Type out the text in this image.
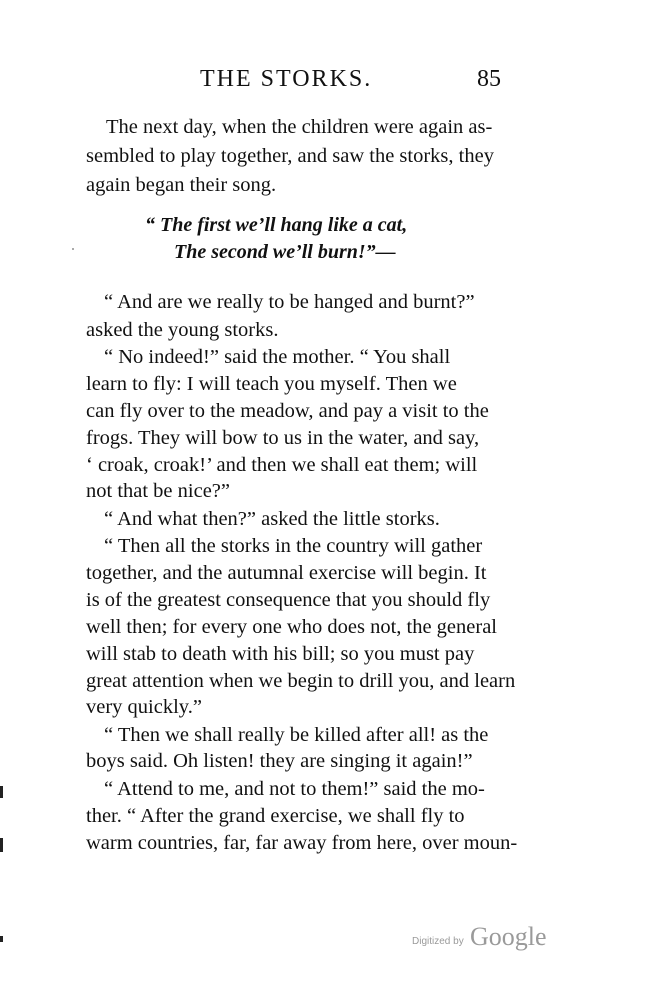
THE STORKS.	85
The next day, when the children were again as-
sembled to play together, and saw the storks, they
again began their song.
“ The first we’ll hang like a cat,
The second we’ll burn!”—
“ And are we really to be hanged and burnt?”
asked the young storks.
“ No indeed!” said the mother. “ You shall
learn to fly: I will teach you myself. Then we
can fly over to the meadow, and pay a visit to the
frogs. They will bow to us in the water, and say,
‘ croak, croak!’ and then we shall eat them; will
not that be nice?”
“ And what then?” asked the little storks.
“ Then all the storks in the country will gather
together, and the autumnal exercise will begin. It
is of the greatest consequence that you should fly
well then; for every one who does not, the general
will stab to death with his bill; so you must pay
great attention when we begin to drill you, and learn
very quickly.”
“ Then we shall really be killed after all! as the
boys said. Oh listen! they are singing it again!”
“ Attend to me, and not to them!” said the mo-
ther. “ After the grand exercise, we shall fly to
warm countries, far, far away from here, over moun-
Digitized by Google
